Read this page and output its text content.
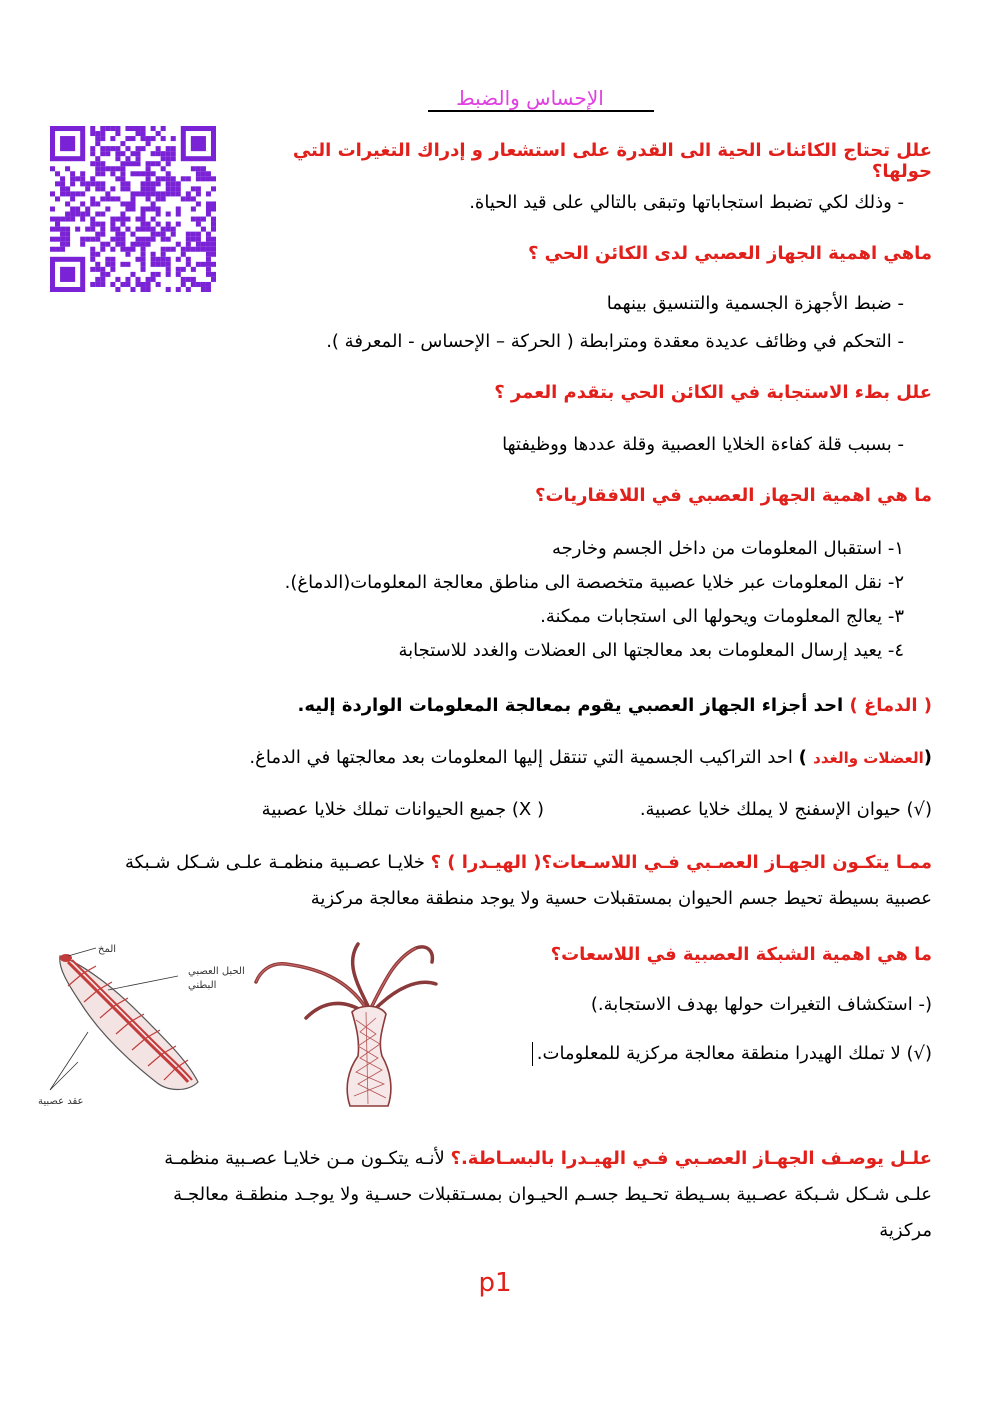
الإحساس والضبط
علل تحتاج الكائنات الحية الى القدرة على استشعار و إدراك التغيرات التي حولها؟
- وذلك لكي تضبط استجاباتها وتبقى بالتالي على قيد الحياة.
ماهي اهمية الجهاز العصبي لدى الكائن الحي ؟
- ضبط الأجهزة الجسمية والتنسيق بينهما
- التحكم في وظائف عديدة معقدة ومترابطة ( الحركة – الإحساس - المعرفة ).
علل بطء الاستجابة في الكائن الحي بتقدم العمر ؟
- بسبب قلة كفاءة الخلايا العصبية وقلة عددها ووظيفتها
ما هي اهمية الجهاز العصبي في اللافقاريات؟
١- استقبال المعلومات من داخل الجسم وخارجه
٢- نقل المعلومات عبر خلايا عصبية متخصصة الى مناطق معالجة المعلومات(الدماغ).
٣- يعالج المعلومات ويحولها الى استجابات ممكنة.
٤- يعيد إرسال المعلومات بعد معالجتها الى العضلات والغدد للاستجابة
( الدماغ ) احد أجزاء الجهاز العصبي يقوم بمعالجة المعلومات الواردة إليه.
(العضلات والغدد ) احد التراكيب الجسمية التي تنتقل إليها المعلومات بعد معالجتها في الدماغ.
(√) حيوان الإسفنج لا يملك خلايا عصبية.
( X) جميع الحيوانات تملك خلايا عصبية
ممـا يتكـون الجهـاز العصـبي فـي اللاسـعات؟( الهيـدرا ) ؟ خلايـا عصـبية منظمـة علـى شـكل شـبكة
عصبية بسيطة تحيط جسم الحيوان بمستقبلات حسية ولا يوجد منطقة معالجة مركزية
المخ
الحبل العصبي
البطني
عقد عصبية
ما هي اهمية الشبكة العصبية في اللاسعات؟
(- استكشاف التغيرات حولها بهدف الاستجابة.)
(√) لا تملك الهيدرا منطقة معالجة مركزية للمعلومات.
علـل يوصـف الجهـاز العصـبي فـي الهيـدرا بالبسـاطة.؟ لأنـه يتكـون مـن خلايـا عصـبية منظمـة
علـى شـكل شـبكة عصـبية بسـيطة تحـيط جسـم الحيـوان بمسـتقبلات حسـية ولا يوجـد منطقـة معالجـة
مركزية
p1
